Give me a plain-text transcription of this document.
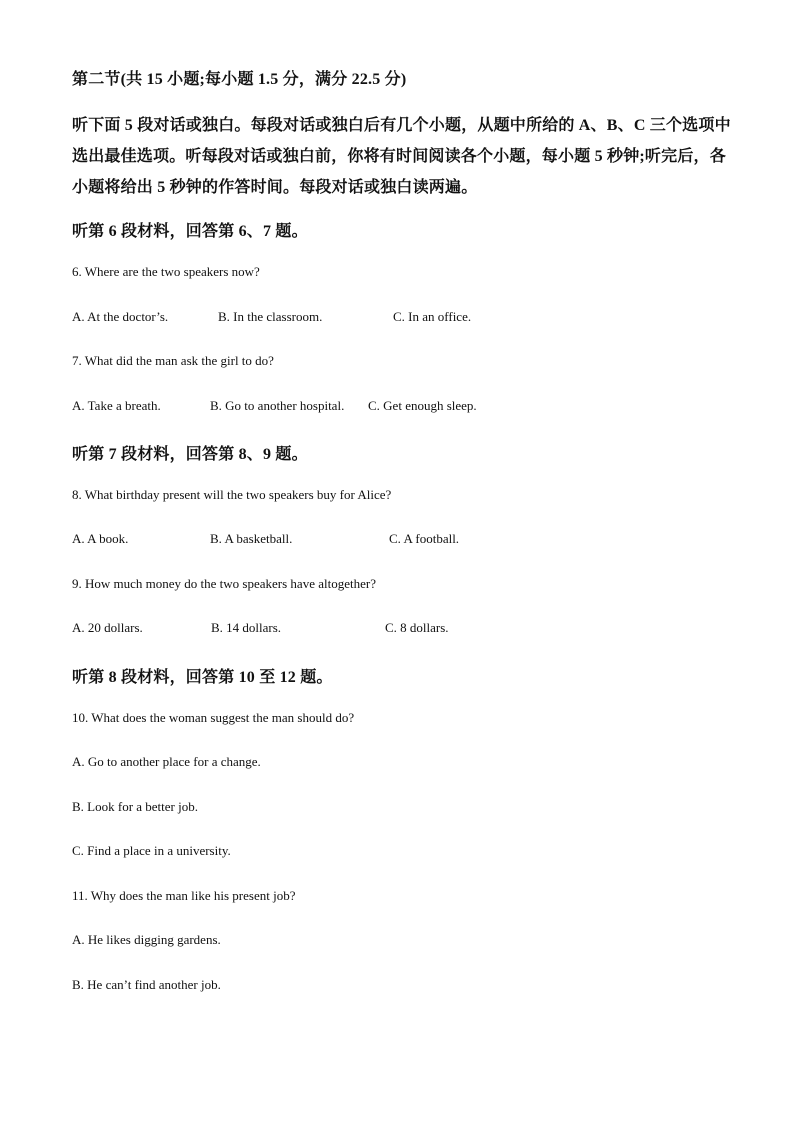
第二节(共 15 小题;每小题 1.5 分，满分 22.5 分)
听下面 5 段对话或独白。每段对话或独白后有几个小题，从题中所给的 A、B、C 三个选项中
选出最佳选项。听每段对话或独白前，你将有时间阅读各个小题，每小题 5 秒钟;听完后，各
小题将给出 5 秒钟的作答时间。每段对话或独白读两遍。
听第 6 段材料，回答第 6、7 题。
6. Where are the two speakers now?
A. At the doctor’s.	B. In the classroom.	C. In an office.
7. What did the man ask the girl to do?
A. Take a breath.	B. Go to another hospital. C. Get enough sleep.
听第 7 段材料，回答第 8、9 题。
8. What birthday present will the two speakers buy for Alice?
A. A book.	B. A basketball.	C. A football.
9. How much money do the two speakers have altogether?
A. 20 dollars.	B. 14 dollars.	C. 8 dollars.
听第 8 段材料，回答第 10 至 12 题。
10. What does the woman suggest the man should do?
A. Go to another place for a change.
B. Look for a better job.
C. Find a place in a university.
11. Why does the man like his present job?
A. He likes digging gardens.
B. He can’t find another job.
